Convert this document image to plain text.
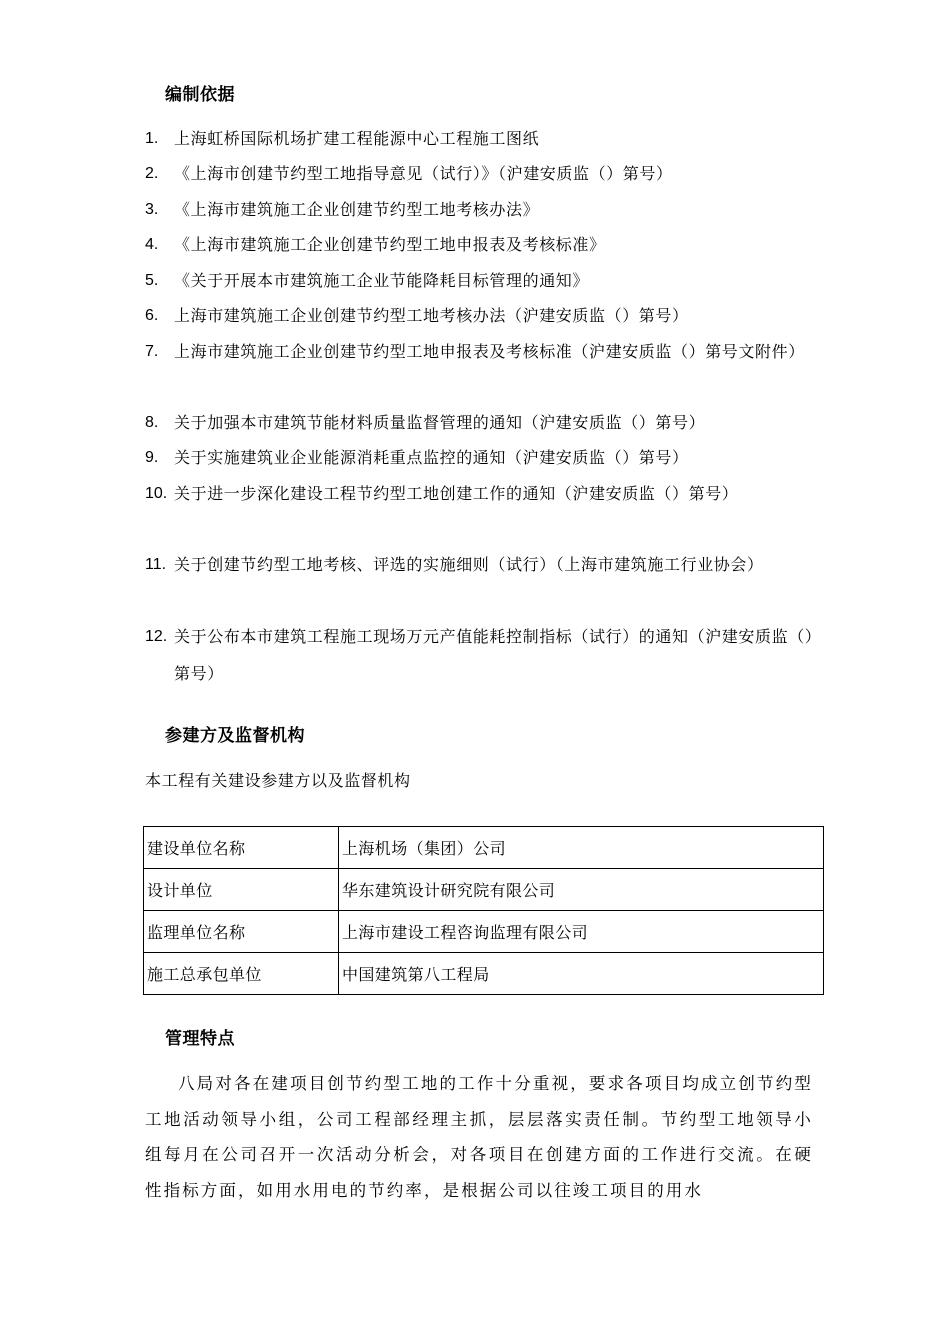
编制依据
1. 上海虹桥国际机场扩建工程能源中心工程施工图纸
2. 《上海市创建节约型工地指导意见（试行）》（沪建安质监（）第号）
3. 《上海市建筑施工企业创建节约型工地考核办法》
4. 《上海市建筑施工企业创建节约型工地申报表及考核标准》
5. 《关于开展本市建筑施工企业节能降耗目标管理的通知》
6. 上海市建筑施工企业创建节约型工地考核办法（沪建安质监（）第号）
7. 上海市建筑施工企业创建节约型工地申报表及考核标准（沪建安质监（）第号文附件）
8. 关于加强本市建筑节能材料质量监督管理的通知（沪建安质监（）第号）
9. 关于实施建筑业企业能源消耗重点监控的通知（沪建安质监（）第号）
10. 关于进一步深化建设工程节约型工地创建工作的通知（沪建安质监（）第号）
11. 关于创建节约型工地考核、评选的实施细则（试行）（上海市建筑施工行业协会）
12. 关于公布本市建筑工程施工现场万元产值能耗控制指标（试行）的通知（沪建安质监（）第号）
参建方及监督机构
本工程有关建设参建方以及监督机构
建设单位名称	上海机场（集团）公司
设计单位	华东建筑设计研究院有限公司
监理单位名称	上海市建设工程咨询监理有限公司
施工总承包单位	中国建筑第八工程局
管理特点
八局对各在建项目创节约型工地的工作十分重视，要求各项目均成立创节约型工地活动领导小组，公司工程部经理主抓，层层落实责任制。节约型工地领导小组每月在公司召开一次活动分析会，对各项目在创建方面的工作进行交流。在硬性指标方面，如用水用电的节约率，是根据公司以往竣工项目的用水
